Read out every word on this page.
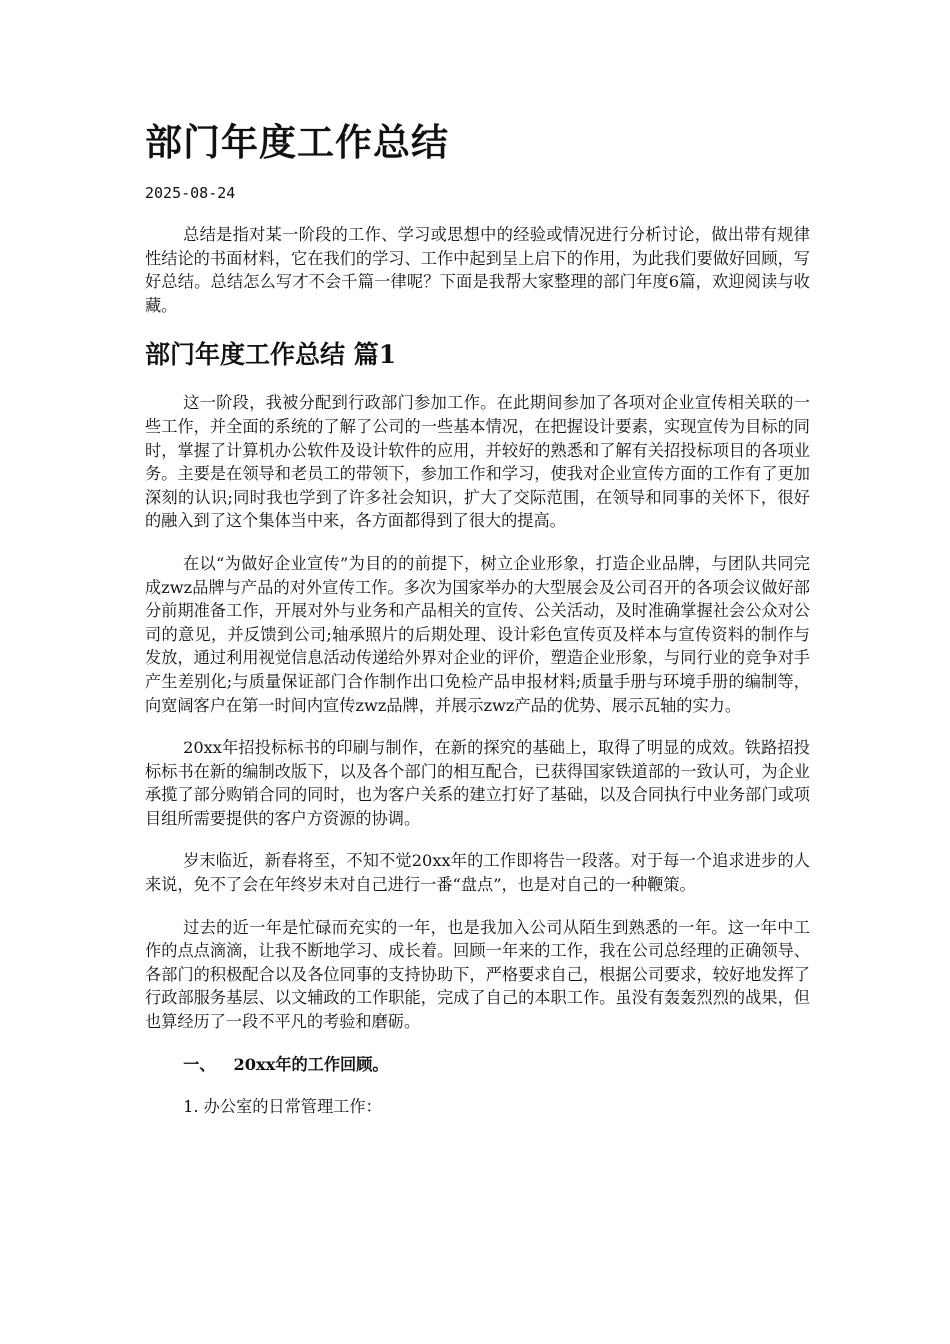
部门年度工作总结
2025-08-24

总结是指对某一阶段的工作、学习或思想中的经验或情况进行分析讨论，做出带有规律性结论的书面材料，它在我们的学习、工作中起到呈上启下的作用，为此我们要做好回顾，写好总结。总结怎么写才不会千篇一律呢？下面是我帮大家整理的部门年度6篇，欢迎阅读与收藏。

部门年度工作总结 篇1

这一阶段，我被分配到行政部门参加工作。在此期间参加了各项对企业宣传相关联的一些工作，并全面的系统的了解了公司的一些基本情况，在把握设计要素，实现宣传为目标的同时，掌握了计算机办公软件及设计软件的应用，并较好的熟悉和了解有关招投标项目的各项业务。主要是在领导和老员工的带领下，参加工作和学习，使我对企业宣传方面的工作有了更加深刻的认识;同时我也学到了许多社会知识，扩大了交际范围，在领导和同事的关怀下，很好的融入到了这个集体当中来，各方面都得到了很大的提高。

在以“为做好企业宣传”为目的的前提下，树立企业形象，打造企业品牌，与团队共同完成zwz品牌与产品的对外宣传工作。多次为国家举办的大型展会及公司召开的各项会议做好部分前期准备工作，开展对外与业务和产品相关的宣传、公关活动，及时准确掌握社会公众对公司的意见，并反馈到公司;轴承照片的后期处理、设计彩色宣传页及样本与宣传资料的制作与发放，通过利用视觉信息活动传递给外界对企业的评价，塑造企业形象，与同行业的竞争对手产生差别化;与质量保证部门合作制作出口免检产品申报材料;质量手册与环境手册的编制等，向宽阔客户在第一时间内宣传zwz品牌，并展示zwz产品的优势、展示瓦轴的实力。

20xx年招投标标书的印刷与制作，在新的探究的基础上，取得了明显的成效。铁路招投标标书在新的编制改版下，以及各个部门的相互配合，已获得国家铁道部的一致认可，为企业承揽了部分购销合同的同时，也为客户关系的建立打好了基础，以及合同执行中业务部门或项目组所需要提供的客户方资源的协调。

岁末临近，新春将至，不知不觉20xx年的工作即将告一段落。对于每一个追求进步的人来说，免不了会在年终岁未对自己进行一番“盘点”，也是对自己的一种鞭策。

过去的近一年是忙碌而充实的一年，也是我加入公司从陌生到熟悉的一年。这一年中工作的点点滴滴，让我不断地学习、成长着。回顾一年来的工作，我在公司总经理的正确领导、各部门的积极配合以及各位同事的支持协助下，严格要求自己，根据公司要求，较好地发挥了行政部服务基层、以文辅政的工作职能，完成了自己的本职工作。虽没有轰轰烈烈的战果，但也算经历了一段不平凡的考验和磨砺。

一、 20xx年的工作回顾。
1. 办公室的日常管理工作：
